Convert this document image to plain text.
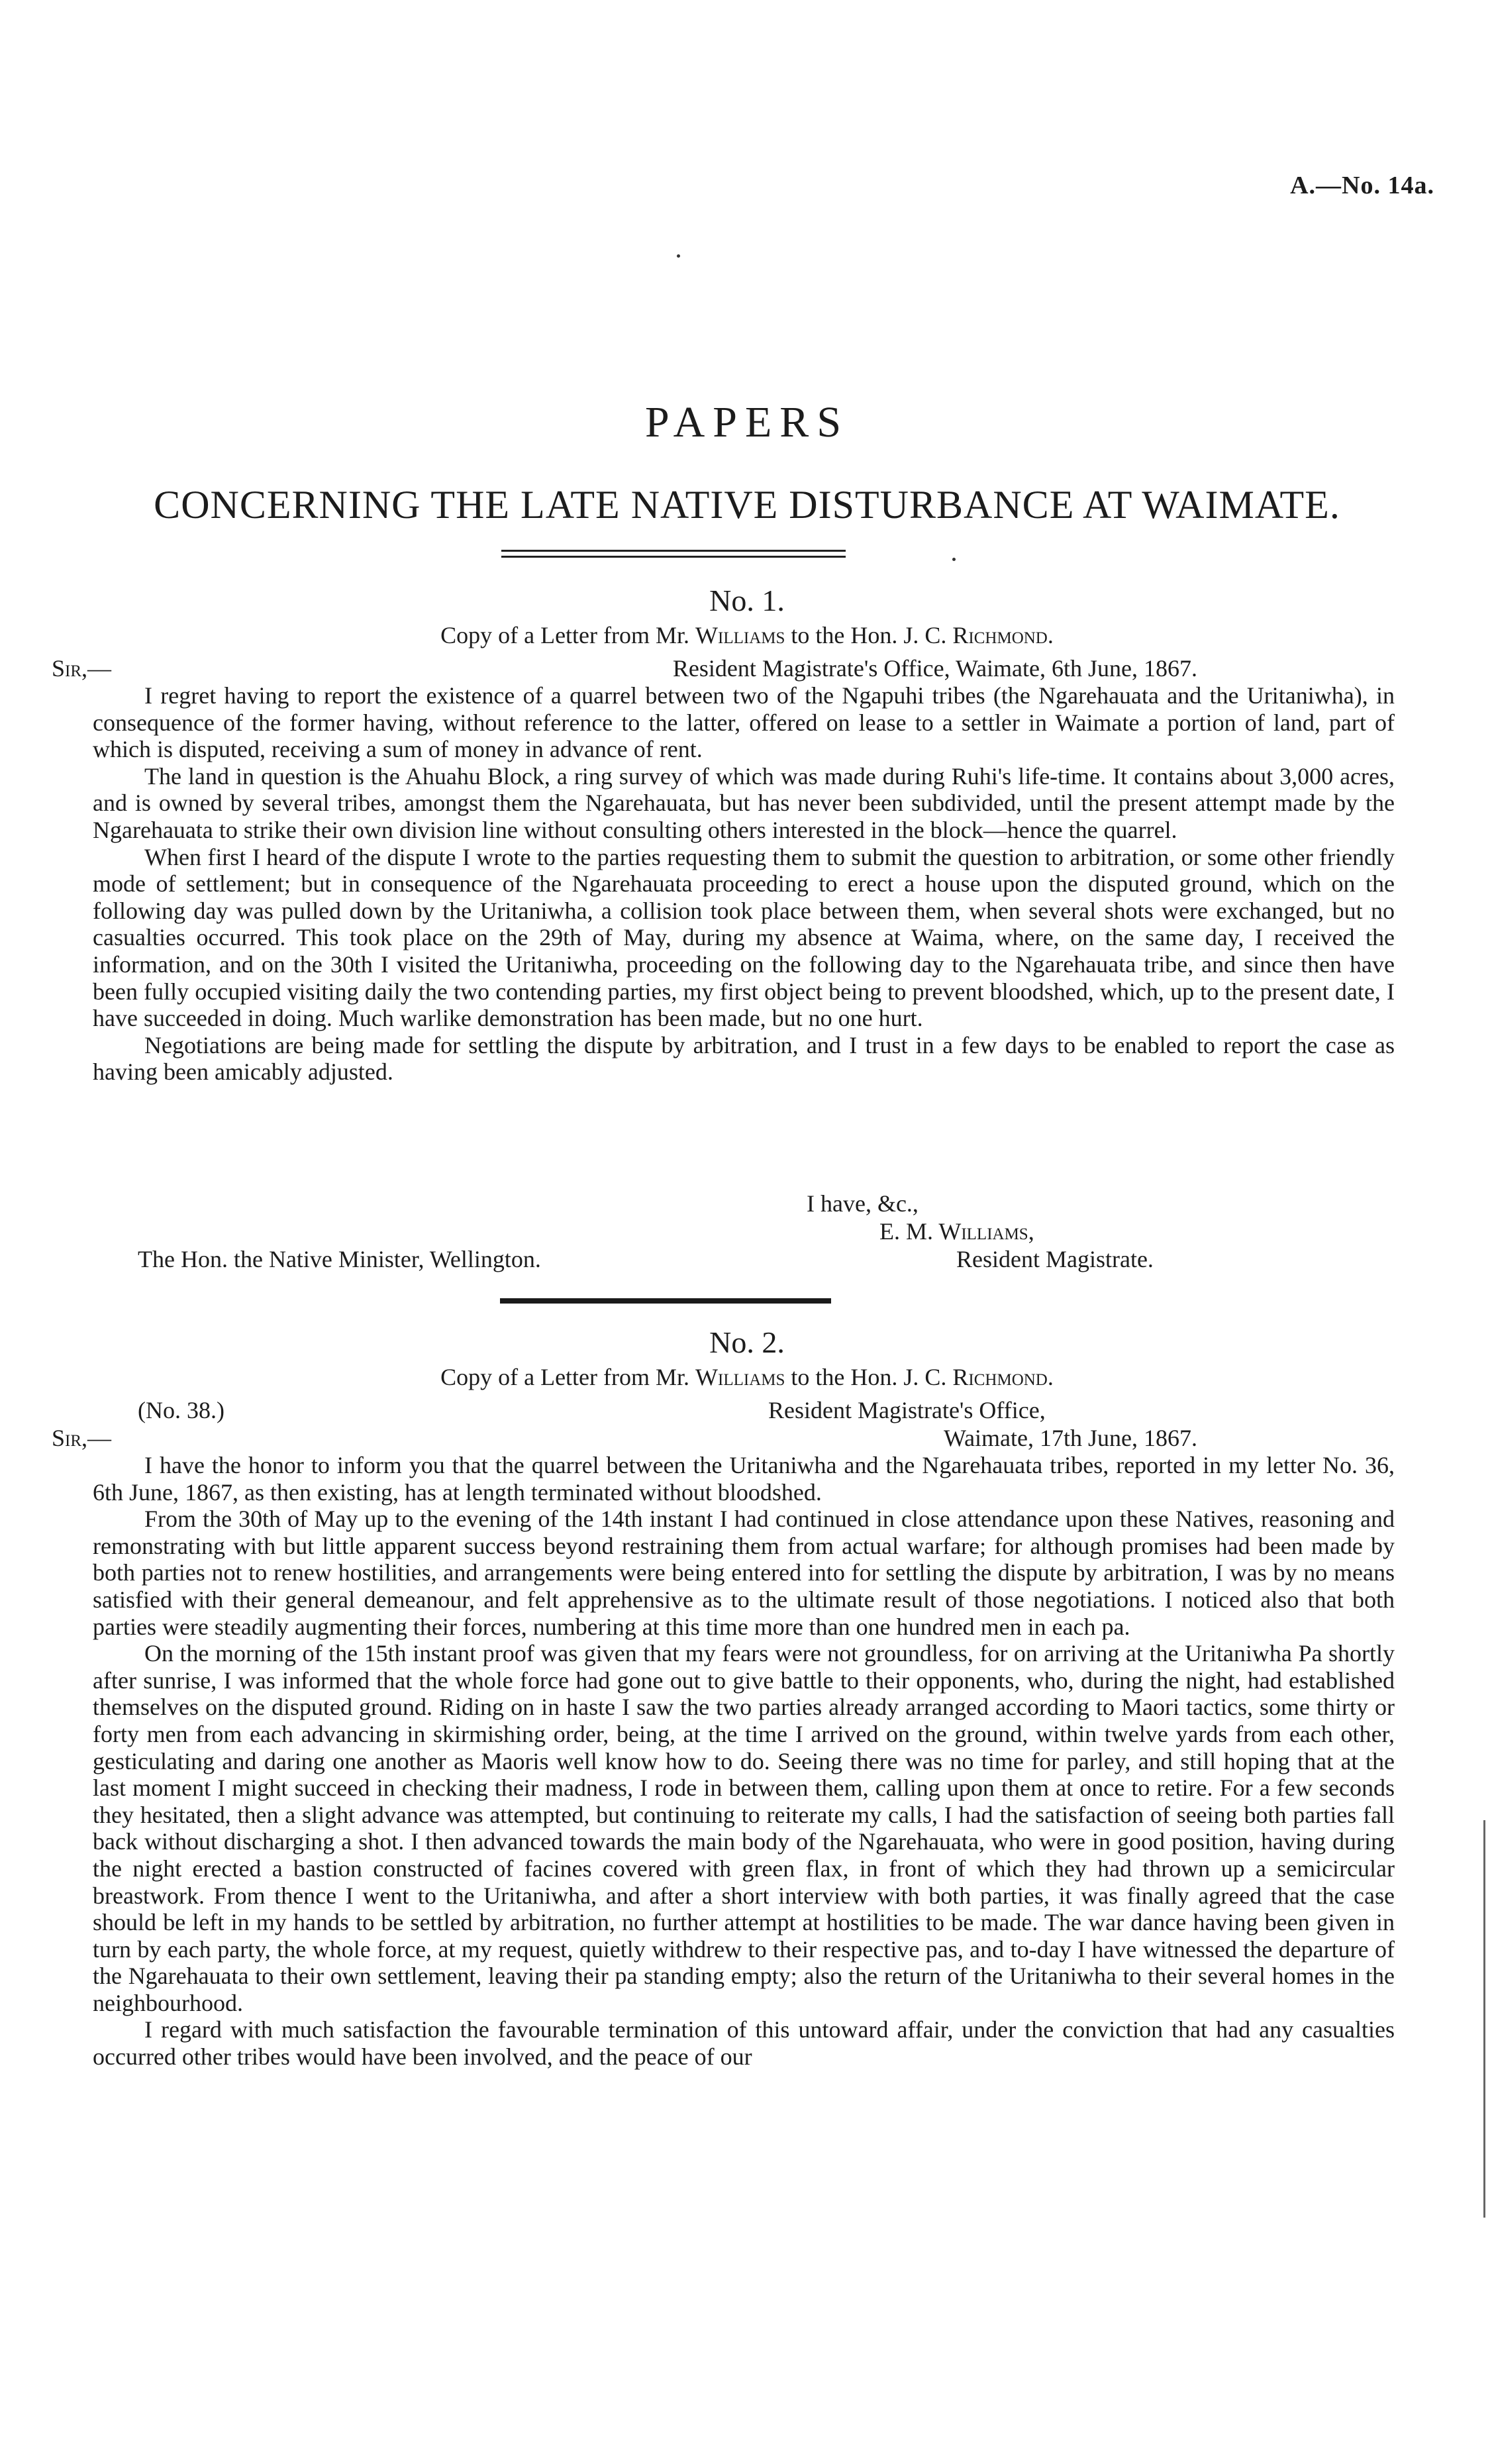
A.—No. 14a.
PAPERS
CONCERNING THE LATE NATIVE DISTURBANCE AT WAIMATE.
No. 1.
Copy of a Letter from Mr. Williams to the Hon. J. C. Richmond.
Sir,—	Resident Magistrate's Office, Waimate, 6th June, 1867.

I regret having to report the existence of a quarrel between two of the Ngapuhi tribes (the Ngarehauata and the Uritaniwha), in consequence of the former having, without reference to the latter, offered on lease to a settler in Waimate a portion of land, part of which is disputed, receiving a sum of money in advance of rent.

The land in question is the Ahuahu Block, a ring survey of which was made during Ruhi's life-time. It contains about 3,000 acres, and is owned by several tribes, amongst them the Ngarehauata, but has never been subdivided, until the present attempt made by the Ngarehauata to strike their own division line without consulting others interested in the block—hence the quarrel.

When first I heard of the dispute I wrote to the parties requesting them to submit the question to arbitration, or some other friendly mode of settlement; but in consequence of the Ngarehauata proceeding to erect a house upon the disputed ground, which on the following day was pulled down by the Uritaniwha, a collision took place between them, when several shots were exchanged, but no casualties occurred. This took place on the 29th of May, during my absence at Waima, where, on the same day, I received the information, and on the 30th I visited the Uritaniwha, proceeding on the following day to the Ngarehauata tribe, and since then have been fully occupied visiting daily the two contending parties, my first object being to prevent bloodshed, which, up to the present date, I have succeeded in doing. Much warlike demonstration has been made, but no one hurt.

Negotiations are being made for settling the dispute by arbitration, and I trust in a few days to be enabled to report the case as having been amicably adjusted.

I have, &c.,
E. M. Williams,
The Hon. the Native Minister, Wellington.	Resident Magistrate.
No. 2.
Copy of a Letter from Mr. Williams to the Hon. J. C. Richmond.
(No. 38.)	Resident Magistrate's Office,
Sir,—	Waimate, 17th June, 1867.

I have the honor to inform you that the quarrel between the Uritaniwha and the Ngarehauata tribes, reported in my letter No. 36, 6th June, 1867, as then existing, has at length terminated without bloodshed.

From the 30th of May up to the evening of the 14th instant I had continued in close attendance upon these Natives, reasoning and remonstrating with but little apparent success beyond restraining them from actual warfare; for although promises had been made by both parties not to renew hostilities, and arrangements were being entered into for settling the dispute by arbitration, I was by no means satisfied with their general demeanour, and felt apprehensive as to the ultimate result of those negotiations. I noticed also that both parties were steadily augmenting their forces, numbering at this time more than one hundred men in each pa.

On the morning of the 15th instant proof was given that my fears were not groundless, for on arriving at the Uritaniwha Pa shortly after sunrise, I was informed that the whole force had gone out to give battle to their opponents, who, during the night, had established themselves on the disputed ground. Riding on in haste I saw the two parties already arranged according to Maori tactics, some thirty or forty men from each advancing in skirmishing order, being, at the time I arrived on the ground, within twelve yards from each other, gesticulating and daring one another as Maoris well know how to do. Seeing there was no time for parley, and still hoping that at the last moment I might succeed in checking their madness, I rode in between them, calling upon them at once to retire. For a few seconds they hesitated, then a slight advance was attempted, but continuing to reiterate my calls, I had the satisfaction of seeing both parties fall back without discharging a shot. I then advanced towards the main body of the Ngarehauata, who were in good position, having during the night erected a bastion constructed of facines covered with green flax, in front of which they had thrown up a semicircular breastwork. From thence I went to the Uritaniwha, and after a short interview with both parties, it was finally agreed that the case should be left in my hands to be settled by arbitration, no further attempt at hostilities to be made. The war dance having been given in turn by each party, the whole force, at my request, quietly withdrew to their respective pas, and to-day I have witnessed the departure of the Ngarehauata to their own settlement, leaving their pa standing empty; also the return of the Uritaniwha to their several homes in the neighbourhood.

I regard with much satisfaction the favourable termination of this untoward affair, under the conviction that had any casualties occurred other tribes would have been involved, and the peace of our
